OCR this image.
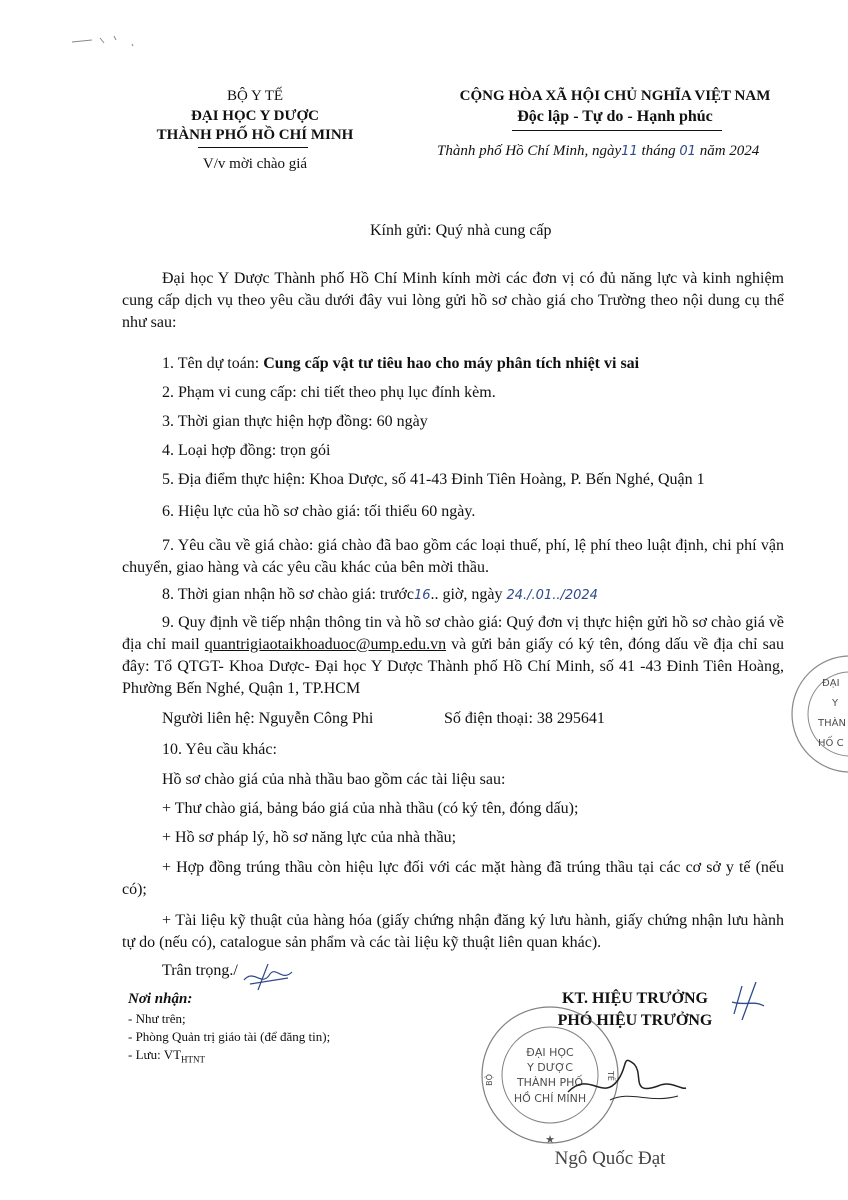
BỘ Y TẾ
ĐẠI HỌC Y DƯỢC
THÀNH PHỐ HỒ CHÍ MINH
V/v mời chào giá
CỘNG HÒA XÃ HỘI CHỦ NGHĨA VIỆT NAM
Độc lập - Tự do - Hạnh phúc
Thành phố Hồ Chí Minh, ngày11 tháng 01 năm 2024
Kính gửi: Quý nhà cung cấp
Đại học Y Dược Thành phố Hồ Chí Minh kính mời các đơn vị có đủ năng lực và kinh nghiệm cung cấp dịch vụ theo yêu cầu dưới đây vui lòng gửi hồ sơ chào giá cho Trường theo nội dung cụ thể như sau:
1. Tên dự toán: Cung cấp vật tư tiêu hao cho máy phân tích nhiệt vi sai
2. Phạm vi cung cấp: chi tiết theo phụ lục đính kèm.
3. Thời gian thực hiện hợp đồng: 60 ngày
4. Loại hợp đồng: trọn gói
5. Địa điểm thực hiện: Khoa Dược, số 41-43 Đinh Tiên Hoàng, P. Bến Nghé, Quận 1
6. Hiệu lực của hồ sơ chào giá: tối thiểu 60 ngày.
7. Yêu cầu về giá chào: giá chào đã bao gồm các loại thuế, phí, lệ phí theo luật định, chi phí vận chuyển, giao hàng và các yêu cầu khác của bên mời thầu.
8. Thời gian nhận hồ sơ chào giá: trước16.. giờ, ngày 24./.01../2024
9. Quy định về tiếp nhận thông tin và hồ sơ chào giá: Quý đơn vị thực hiện gửi hồ sơ chào giá về địa chỉ mail quantrigiaotaikhoaduoc@ump.edu.vn và gửi bản giấy có ký tên, đóng dấu về địa chỉ sau đây: Tổ QTGT- Khoa Dược- Đại học Y Dược Thành phố Hồ Chí Minh, số 41 -43 Đinh Tiên Hoàng, Phường Bến Nghé, Quận 1, TP.HCM
Người liên hệ: Nguyễn Công Phi	Số điện thoại: 38 295641
10. Yêu cầu khác:
Hồ sơ chào giá của nhà thầu bao gồm các tài liệu sau:
+ Thư chào giá, bảng báo giá của nhà thầu (có ký tên, đóng dấu);
+ Hồ sơ pháp lý, hồ sơ năng lực của nhà thầu;
+ Hợp đồng trúng thầu còn hiệu lực đối với các mặt hàng đã trúng thầu tại các cơ sở y tế (nếu có);
+ Tài liệu kỹ thuật của hàng hóa (giấy chứng nhận đăng ký lưu hành, giấy chứng nhận lưu hành tự do (nếu có), catalogue sản phẩm và các tài liệu kỹ thuật liên quan khác).
Trân trọng./
Nơi nhận:
- Như trên;
- Phòng Quản trị giáo tài (để đăng tin);
- Lưu: $VT_{HTNT}$
KT. HIỆU TRƯỞNG
PHÓ HIỆU TRƯỞNG
ĐẠI HỌC
Y DƯỢC
THÀNH PHỐ
HỒ CHÍ MINH
BỘ	TẾ
★
Ngô Quốc Đạt
ĐẠI
Y
THÀN
HỐ C
